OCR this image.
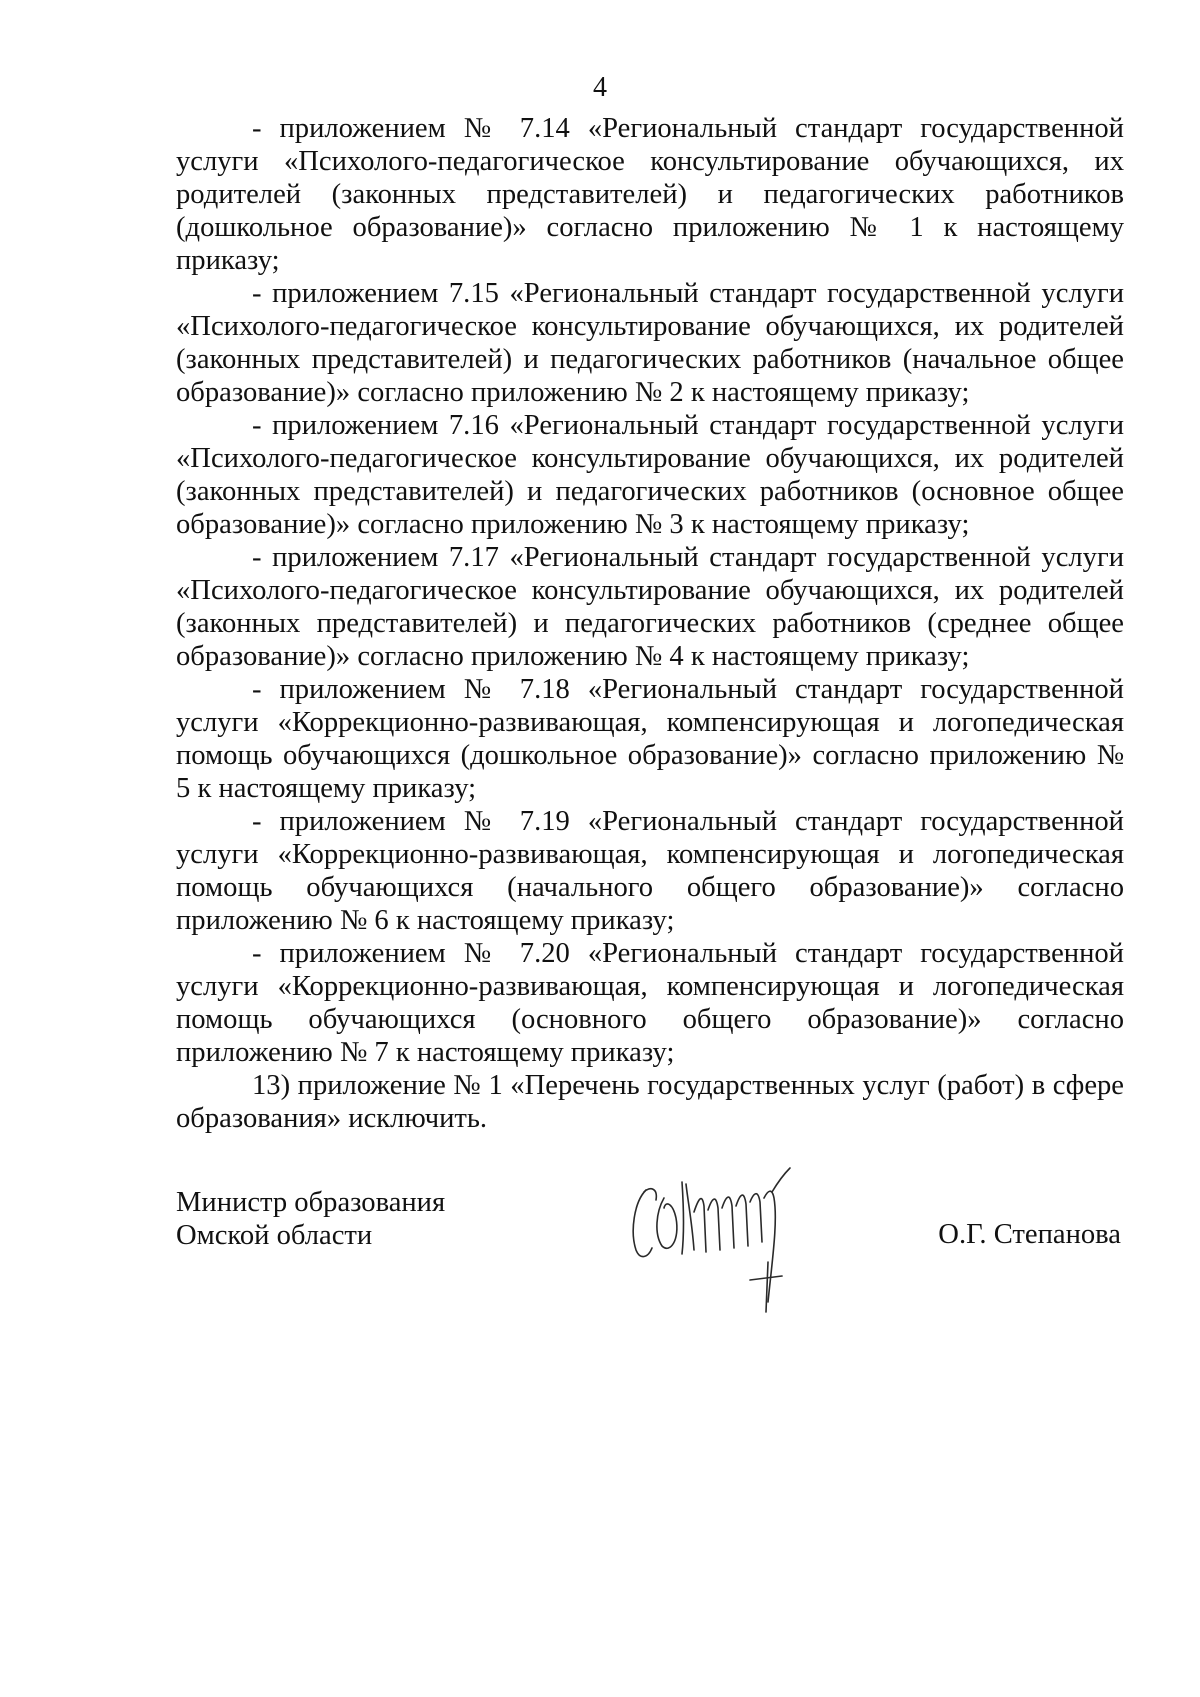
4

- приложением № 7.14 «Региональный стандарт государственной услуги «Психолого-педагогическое консультирование обучающихся, их родителей (законных представителей) и педагогических работников (дошкольное образование)» согласно приложению № 1 к настоящему приказу;

- приложением 7.15 «Региональный стандарт государственной услуги «Психолого-педагогическое консультирование обучающихся, их родителей (законных представителей) и педагогических работников (начальное общее образование)» согласно приложению № 2 к настоящему приказу;

- приложением 7.16 «Региональный стандарт государственной услуги «Психолого-педагогическое консультирование обучающихся, их родителей (законных представителей) и педагогических работников (основное общее образование)» согласно приложению № 3 к настоящему приказу;

- приложением 7.17 «Региональный стандарт государственной услуги «Психолого-педагогическое консультирование обучающихся, их родителей (законных представителей) и педагогических работников (среднее общее образование)» согласно приложению № 4 к настоящему приказу;

- приложением № 7.18 «Региональный стандарт государственной услуги «Коррекционно-развивающая, компенсирующая и логопедическая помощь обучающихся (дошкольное образование)» согласно приложению № 5 к настоящему приказу;

- приложением № 7.19 «Региональный стандарт государственной услуги «Коррекционно-развивающая, компенсирующая и логопедическая помощь обучающихся (начального общего образование)» согласно приложению № 6 к настоящему приказу;

- приложением № 7.20 «Региональный стандарт государственной услуги «Коррекционно-развивающая, компенсирующая и логопедическая помощь обучающихся (основного общего образование)» согласно приложению № 7 к настоящему приказу;

13) приложение № 1 «Перечень государственных услуг (работ) в сфере образования» исключить.

Министр образования
Омской области	О.Г. Степанова
